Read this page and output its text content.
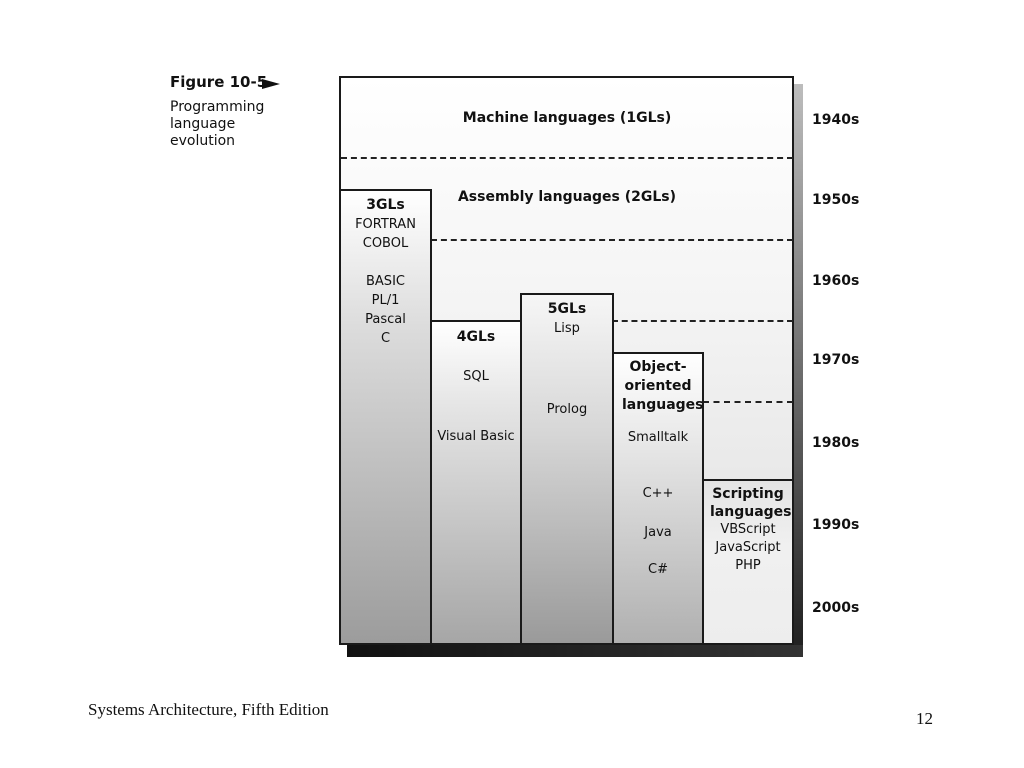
Figure 10-5
Programming language evolution
Machine languages (1GLs)
Assembly languages (2GLs)
3GLs
FORTRAN
COBOL
BASIC
PL/1
Pascal
C	4GLs
SQL
Visual Basic
5GLs
Lisp
Prolog
Object-oriented languages
Smalltalk
C++
Java
C#
Scripting languages
VBScript
JavaScript
PHP
1940s
1950s
1960s
1970s
1980s
1990s
2000s
Systems Architecture, Fifth Edition	12
